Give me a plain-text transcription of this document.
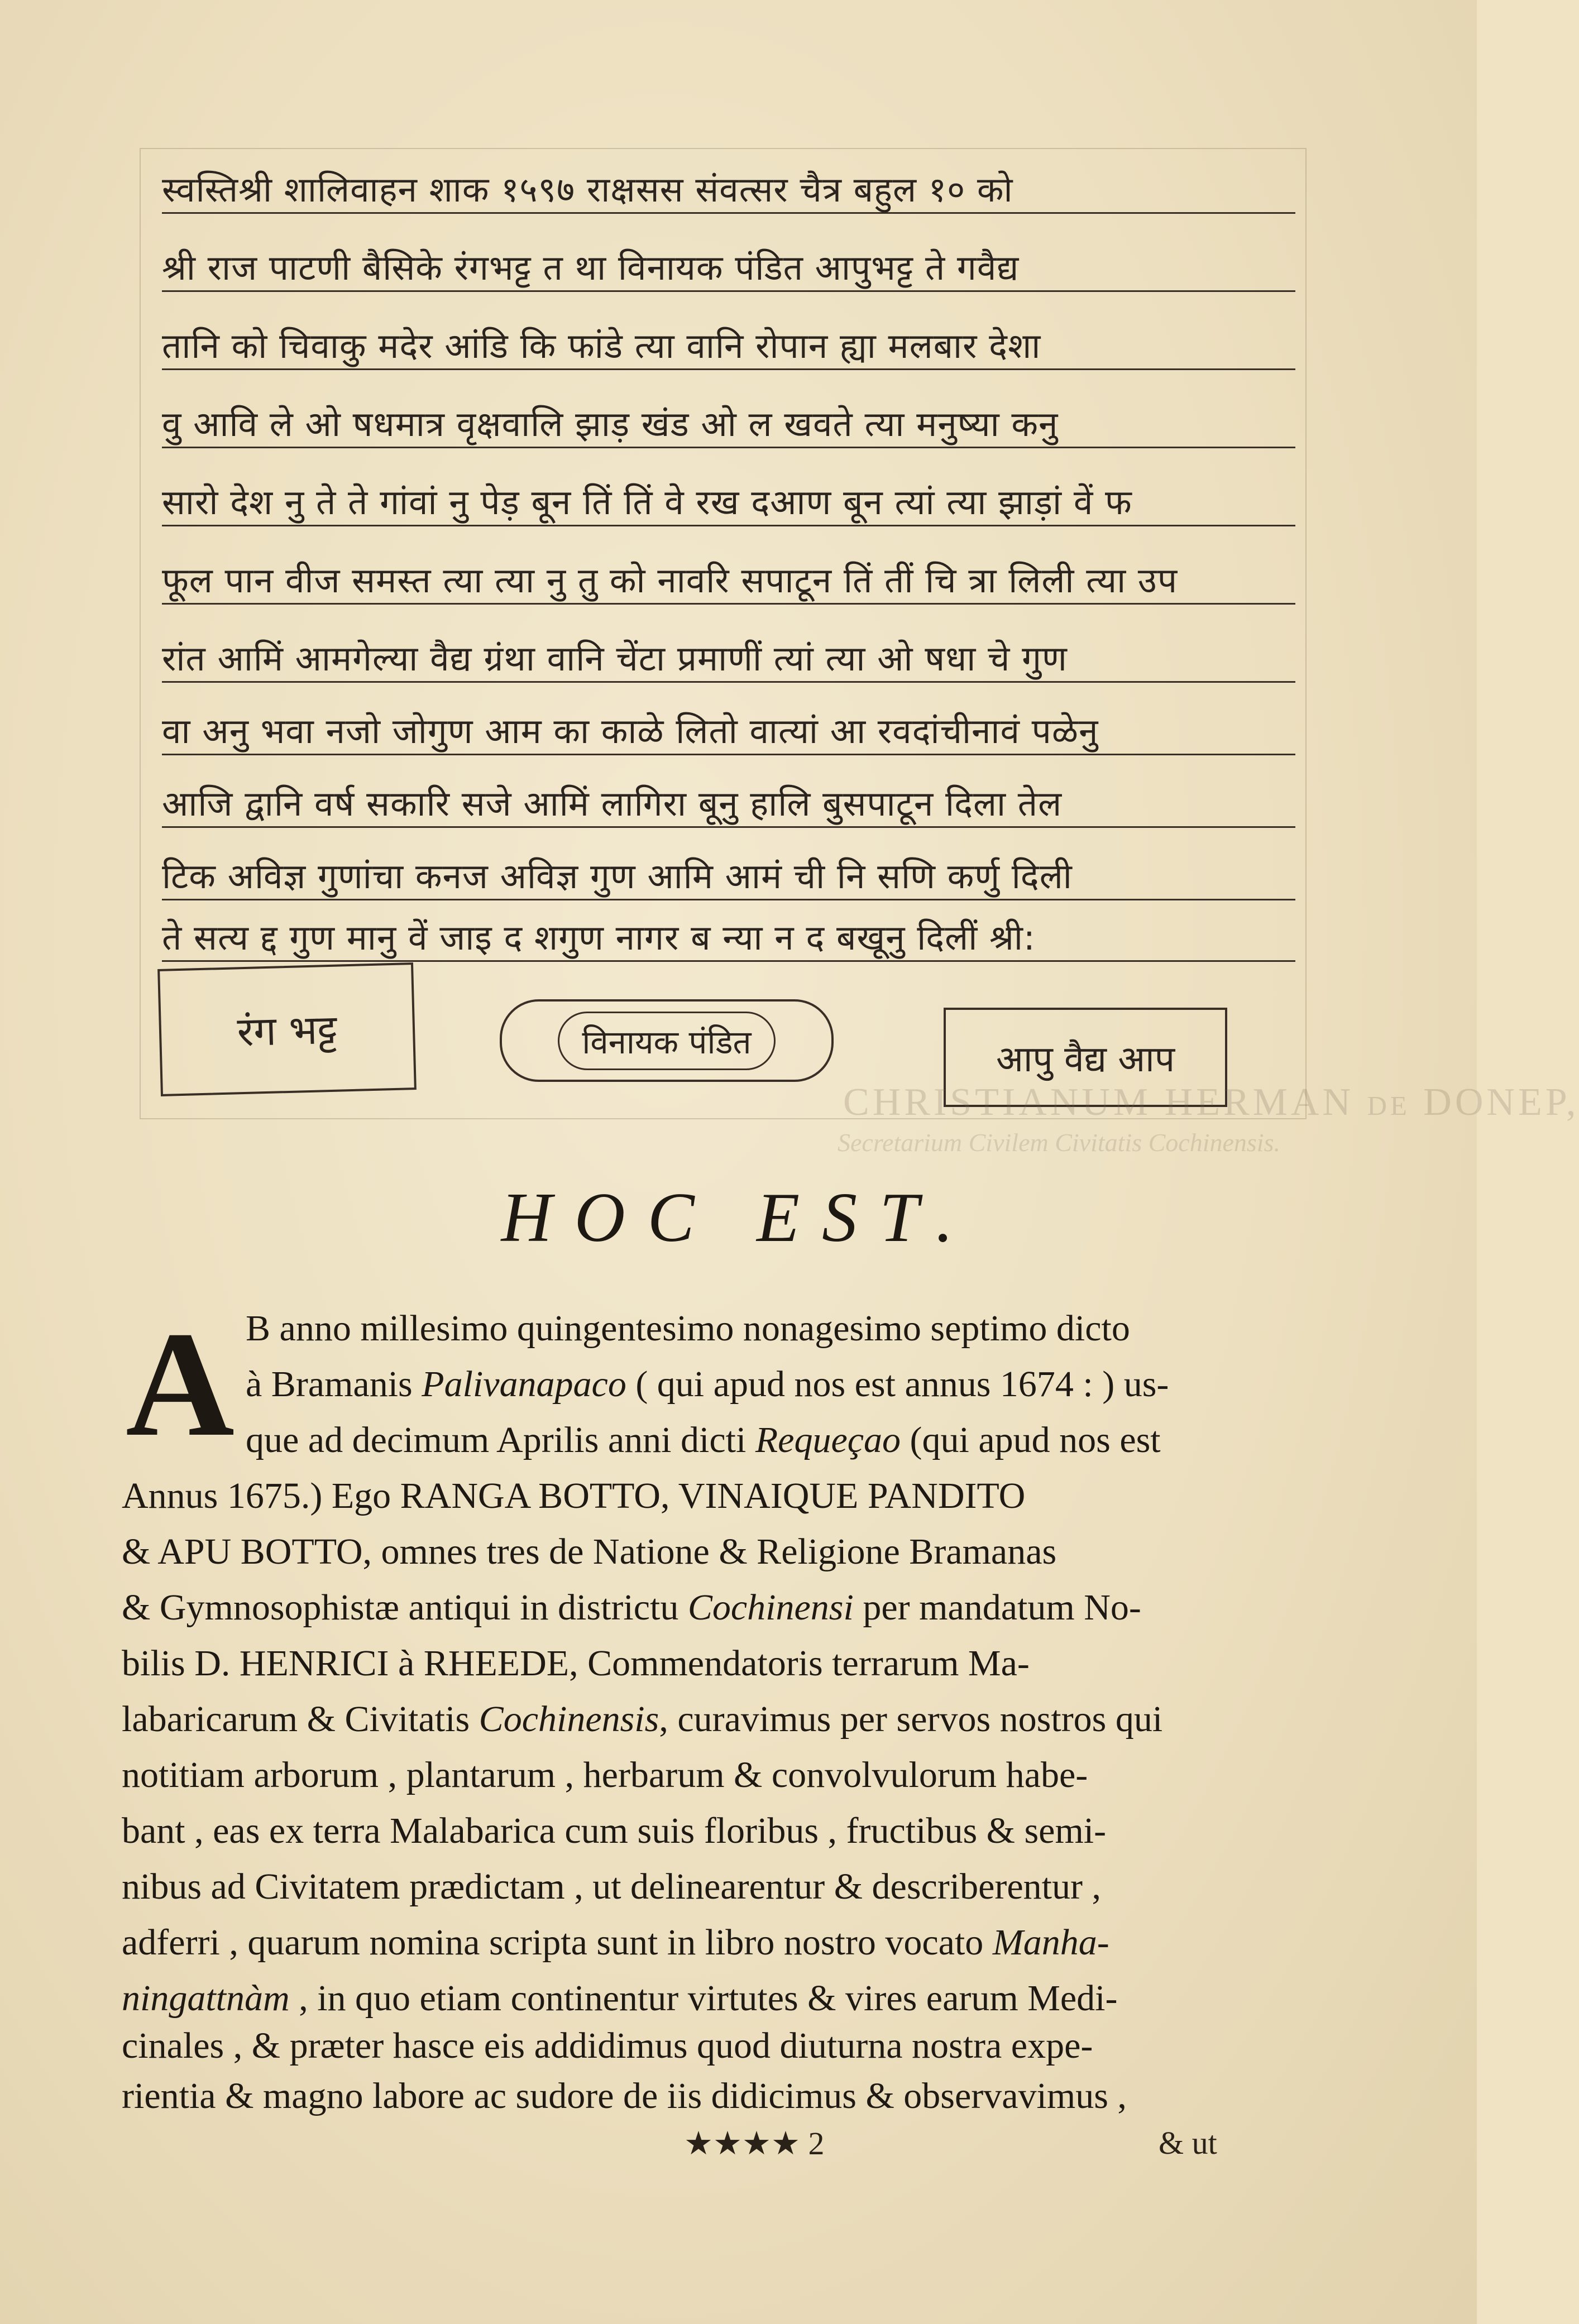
स्वस्तिश्री शालिवाहन शाक १५९७ राक्षसस संवत्सर चैत्र बहुल १० को
श्री राज पाटणी बैसिके रंगभट्ट त था विनायक पंडित आपुभट्ट ते गवैद्य
तानि को चिवाकु मदेर आंडि कि फांडे त्या वानि रोपान ह्या मलबार देशा
वु आवि ले ओ षधमात्र वृक्षवालि झाड़ खंड ओ ल खवते त्या मनुष्या कनु
सारो देश नु ते ते गांवां नु पेड़ बून तिं तिं वे रख दआण बून त्यां त्या झाड़ां वें फ
फूल पान वीज समस्त त्या त्या नु तु को नावरि सपाटून तिं तीं चि त्रा लिली त्या उप
रांत आमिं आमगेल्या वैद्य ग्रंथा वानि चेंटा प्रमाणीं त्यां त्या ओ षधा चे गुण
वा अनु भवा नजो जोगुण आम का काळे लितो वात्यां आ रवदांचीनावं पळेनु
आजि द्वानि वर्ष सकारि सजे आमिं लागिरा बूनु हालि बुसपाटून दिला तेल
टिक अविज्ञ गुणांचा कनज अविज्ञ गुण आमि आमं ची नि सणि कर्णु दिली
ते सत्य द्द गुण मानु वें जाइ द शगुण नागर ब न्या न द बखूनु दिलीं श्री:
रंग भट्ट	विनायक पंडित	आपु वैद्य आप
CHRISTIANUM HERMAN de DONEP,
Secretarium Civilem Civitatis Cochinensis.
HOC EST.
A B anno millesimo quingentesimo nonagesimo septimo dicto
à Bramanis Palivanapaco ( qui apud nos est annus 1674 : ) us-
que ad decimum Aprilis anni dicti Requeçao (qui apud nos est
Annus 1675.) Ego RANGA BOTTO, VINAIQUE PANDITO
& APU BOTTO, omnes tres de Natione & Religione Bramanas
& Gymnosophistæ antiqui in districtu Cochinensi per mandatum No-
bilis D. HENRICI à RHEEDE, Commendatoris terrarum Ma-
labaricarum & Civitatis Cochinensis, curavimus per servos nostros qui
notitiam arborum , plantarum , herbarum & convolvulorum habe-
bant , eas ex terra Malabarica cum suis floribus , fructibus & semi-
nibus ad Civitatem prædictam , ut delinearentur & describerentur ,
adferri , quarum nomina scripta sunt in libro nostro vocato Manha-
ningattnàm , in quo etiam continentur virtutes & vires earum Medi-
cinales , & præter hasce eis addidimus quod diuturna nostra expe-
rientia & magno labore ac sudore de iis didicimus & observavimus ,
★★★★ 2	& ut
